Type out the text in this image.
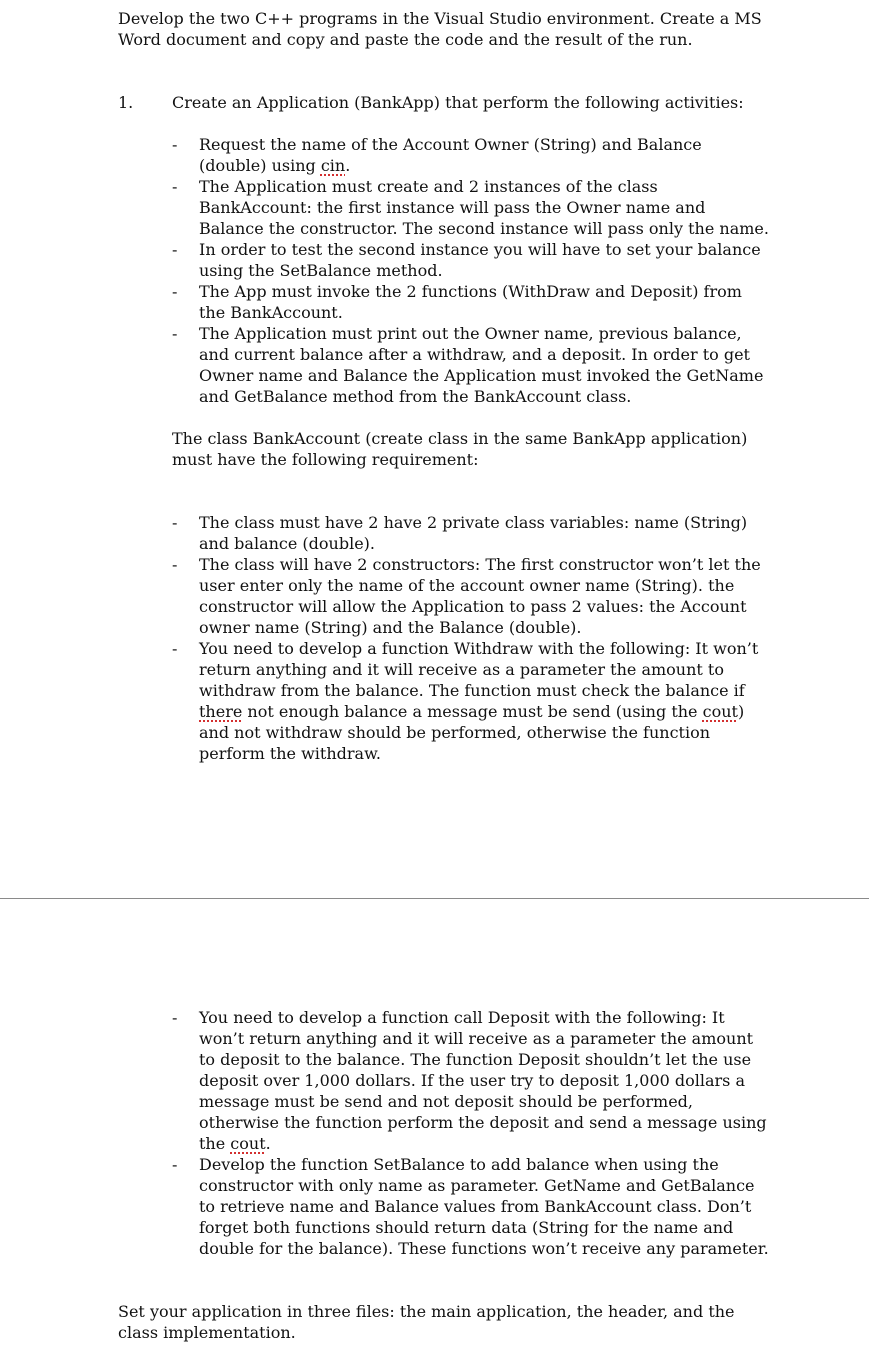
Develop the two C++ programs in the Visual Studio environment. Create a MS Word document and copy and paste the code and the result of the run.

1. Create an Application (BankApp) that perform the following activities:
- Request the name of the Account Owner (String) and Balance (double) using cin.
- The Application must create and 2 instances of the class BankAccount: the first instance will pass the Owner name and Balance the constructor. The second instance will pass only the name.
- In order to test the second instance you will have to set your balance using the SetBalance method.
- The App must invoke the 2 functions (WithDraw and Deposit) from the BankAccount.
- The Application must print out the Owner name, previous balance, and current balance after a withdraw, and a deposit. In order to get Owner name and Balance the Application must invoked the GetName and GetBalance method from the BankAccount class.
The class BankAccount (create class in the same BankApp application) must have the following requirement:
- The class must have 2 have 2 private class variables: name (String) and balance (double).
- The class will have 2 constructors: The first constructor won’t let the user enter only the name of the account owner name (String). the constructor will allow the Application to pass 2 values: the Account owner name (String) and the Balance (double).
- You need to develop a function Withdraw with the following: It won’t return anything and it will receive as a parameter the amount to withdraw from the balance. The function must check the balance if there not enough balance a message must be send (using the cout) and not withdraw should be performed, otherwise the function perform the withdraw.
- You need to develop a function call Deposit with the following: It won’t return anything and it will receive as a parameter the amount to deposit to the balance. The function Deposit shouldn’t let the use deposit over 1,000 dollars. If the user try to deposit 1,000 dollars a message must be send and not deposit should be performed, otherwise the function perform the deposit and send a message using the cout.
- Develop the function SetBalance to add balance when using the constructor with only name as parameter. GetName and GetBalance to retrieve name and Balance values from BankAccount class. Don’t forget both functions should return data (String for the name and double for the balance). These functions won’t receive any parameter.

Set your application in three files: the main application, the header, and the class implementation.
